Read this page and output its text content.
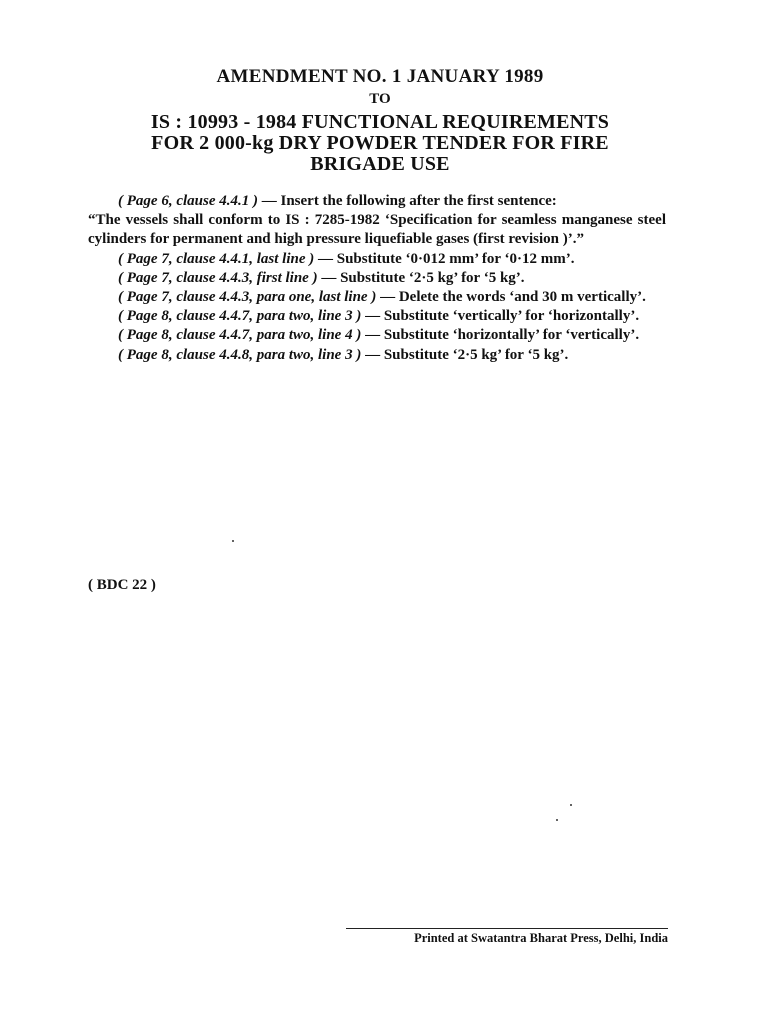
AMENDMENT NO. 1 JANUARY 1989

TO

IS : 10993 - 1984 FUNCTIONAL REQUIREMENTS
FOR 2 000-kg DRY POWDER TENDER FOR FIRE
BRIGADE USE

( Page 6, clause 4.4.1 ) — Insert the following after the first sentence:

“The vessels shall conform to IS : 7285-1982 ‘Specification for seamless manganese steel cylinders for permanent and high pressure liquefiable gases (first revision )’.”

( Page 7, clause 4.4.1, last line ) — Substitute ‘0·012 mm’ for ‘0·12 mm’.

( Page 7, clause 4.4.3, first line ) — Substitute ‘2·5 kg’ for ‘5 kg’.

( Page 7, clause 4.4.3, para one, last line ) — Delete the words ‘and 30 m vertically’.

( Page 8, clause 4.4.7, para two, line 3 ) — Substitute ‘vertically’ for ‘horizontally’.

( Page 8, clause 4.4.7, para two, line 4 ) — Substitute ‘horizontally’ for ‘vertically’.

( Page 8, clause 4.4.8, para two, line 3 ) — Substitute ‘2·5 kg’ for ‘5 kg’.

( BDC 22 )

Printed at Swatantra Bharat Press, Delhi, India
